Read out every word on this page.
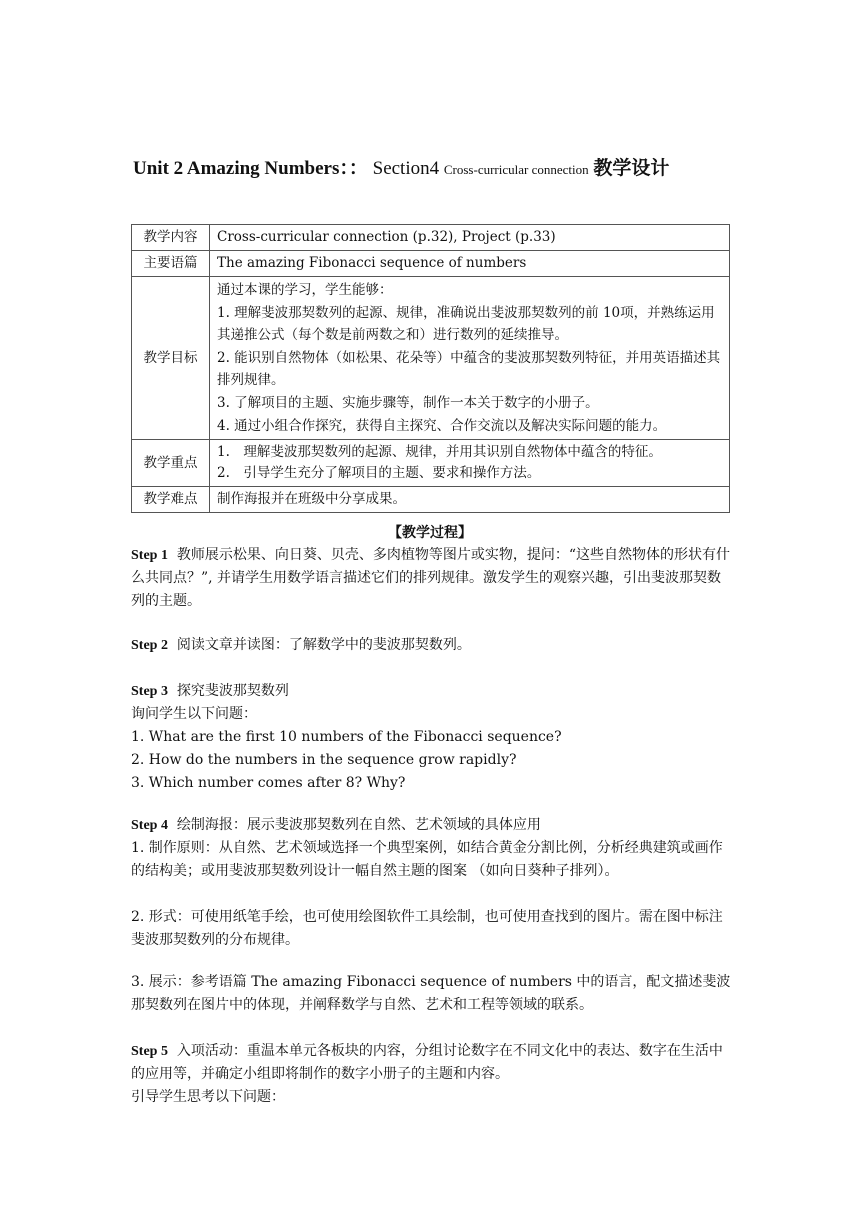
Unit 2 Amazing Numbers：： Section4 Cross-curricular connection 教学设计
教学内容	Cross-curricular connection (p.32), Project (p.33)
主要语篇	The amazing Fibonacci sequence of numbers
教学目标	通过本课的学习，学生能够：
1. 理解斐波那契数列的起源、规律，准确说出斐波那契数列的前 10项，并熟练运用其递推公式（每个数是前两数之和）进行数列的延续推导。
2. 能识别自然物体（如松果、花朵等）中蕴含的斐波那契数列特征，并用英语描述其排列规律。
3. 了解项目的主题、实施步骤等，制作一本关于数字的小册子。
4. 通过小组合作探究，获得自主探究、合作交流以及解决实际问题的能力。

教学重点	1.　理解斐波那契数列的起源、规律，并用其识别自然物体中蕴含的特征。
2.　引导学生充分了解项目的主题、要求和操作方法。

教学难点	制作海报并在班级中分享成果。
【教学过程】

Step 1 教师展示松果、向日葵、贝壳、多肉植物等图片或实物，提问：“这些自然物体的形状有什么共同点？”, 并请学生用数学语言描述它们的排列规律。激发学生的观察兴趣，引出斐波那契数列的主题。

Step 2 阅读文章并读图：了解数学中的斐波那契数列。

Step 3 探究斐波那契数列

询问学生以下问题：

1. What are the first 10 numbers of the Fibonacci sequence?

2. How do the numbers in the sequence grow rapidly?

3. Which number comes after 8? Why?

Step 4 绘制海报：展示斐波那契数列在自然、艺术领域的具体应用

1. 制作原则：从自然、艺术领域选择一个典型案例，如结合黄金分割比例，分析经典建筑或画作的结构美；或用斐波那契数列设计一幅自然主题的图案 （如向日葵种子排列）。

2. 形式：可使用纸笔手绘，也可使用绘图软件工具绘制，也可使用查找到的图片。需在图中标注斐波那契数列的分布规律。

3. 展示：参考语篇 The amazing Fibonacci sequence of numbers 中的语言，配文描述斐波那契数列在图片中的体现，并阐释数学与自然、艺术和工程等领域的联系。

Step 5 入项活动：重温本单元各板块的内容，分组讨论数字在不同文化中的表达、数字在生活中的应用等，并确定小组即将制作的数字小册子的主题和内容。

引导学生思考以下问题：
